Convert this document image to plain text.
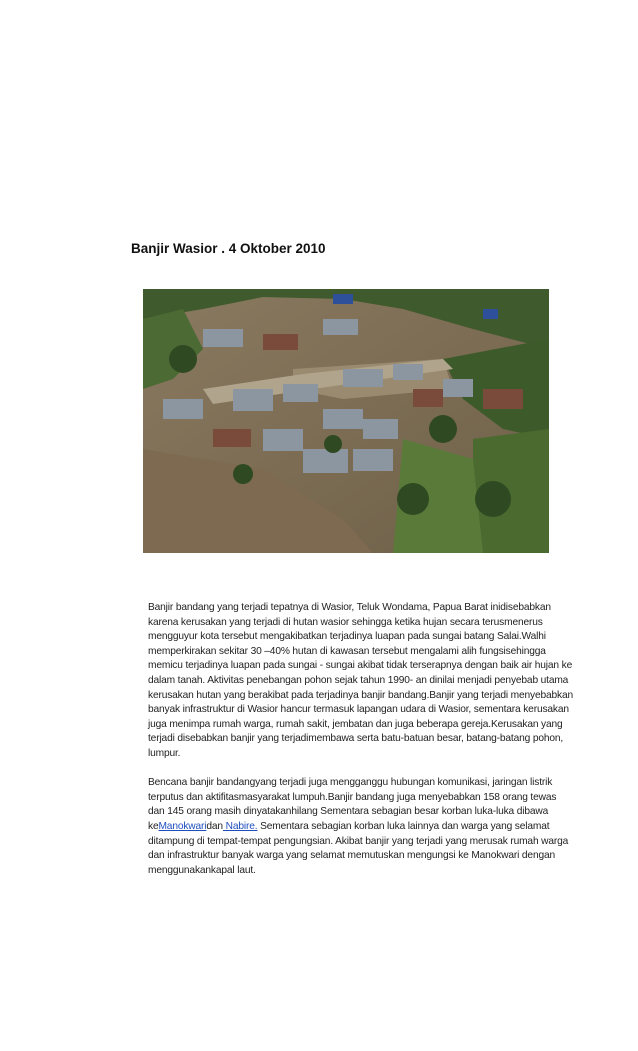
Banjir Wasior . 4 Oktober 2010

Banjir bandang yang terjadi tepatnya di Wasior, Teluk Wondama, Papua Barat inidisebabkan karena kerusakan yang terjadi di hutan wasior sehingga ketika hujan secara terusmenerus mengguyur kota tersebut mengakibatkan terjadinya luapan pada sungai batang Salai.Walhi memperkirakan sekitar 30 –40% hutan di kawasan tersebut mengalami alih fungsisehingga memicu terjadinya luapan pada sungai - sungai akibat tidak terserapnya dengan baik air hujan ke dalam tanah. Aktivitas penebangan pohon sejak tahun 1990- an dinilai menjadi penyebab utama kerusakan hutan yang berakibat pada terjadinya banjir bandang.Banjir yang terjadi menyebabkan banyak infrastruktur di Wasior hancur termasuk lapangan udara di Wasior, sementara kerusakan juga menimpa rumah warga, rumah sakit, jembatan dan juga beberapa gereja.Kerusakan yang terjadi disebabkan banjir yang terjadimembawa serta batu-batuan besar, batang-batang pohon, lumpur.

Bencana banjir bandangyang terjadi juga mengganggu hubungan komunikasi, jaringan listrik terputus dan aktifitasmasyarakat lumpuh.Banjir bandang juga menyebabkan 158 orang tewas dan 145 orang masih dinyatakanhilang Sementara sebagian besar korban luka-luka dibawa keManokwaridan Nabire. Sementara sebagian korban luka lainnya dan warga yang selamat ditampung di tempat-tempat pengungsian. Akibat banjir yang terjadi yang merusak rumah warga dan infrastruktur banyak warga yang selamat memutuskan mengungsi ke Manokwari dengan menggunakankapal laut.
